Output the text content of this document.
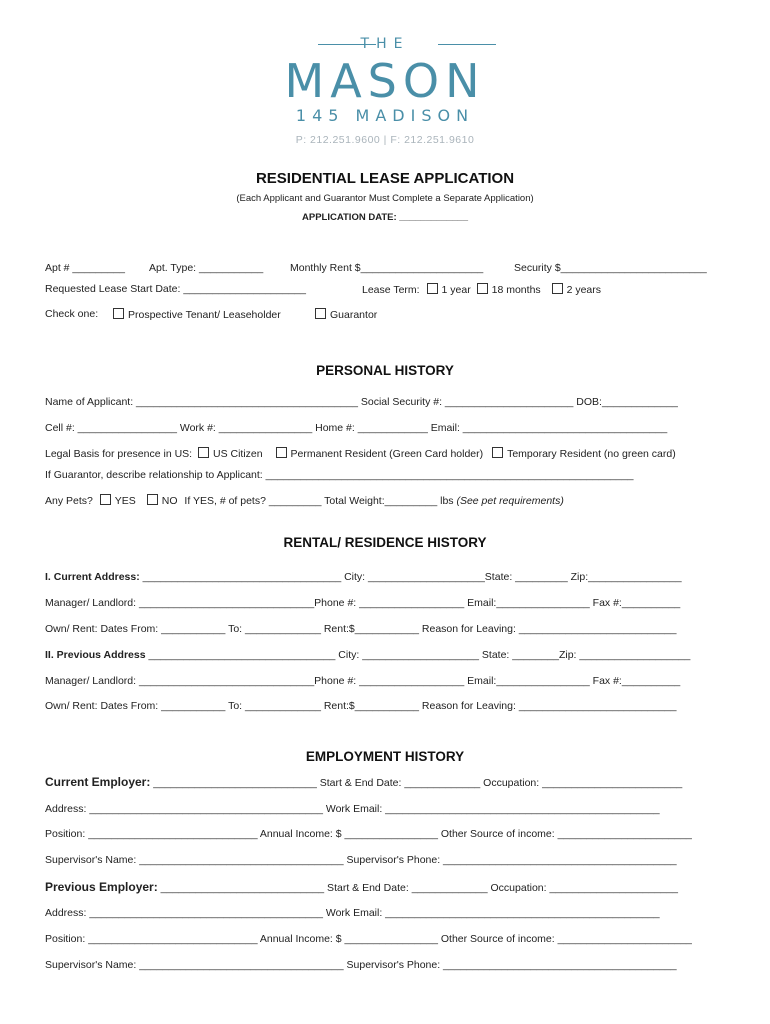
THE
MASON
145 MADISON
P: 212.251.9600 | F: 212.251.9610
RESIDENTIAL LEASE APPLICATION
(Each Applicant and Guarantor Must Complete a Separate Application)
APPLICATION DATE: _____________
Apt # _________ Apt. Type: ___________	Monthly Rent $_____________________	Security $_________________________
Requested Lease Start Date: _____________________	Lease Term: 1 year 18 months 2 years
Check one:	Prospective Tenant/ Leaseholder	Guarantor
PERSONAL HISTORY
Name of Applicant: ______________________________________ Social Security #: ______________________ DOB:_____________
Cell #: _________________ Work #: ________________ Home #: ____________ Email: ___________________________________
Legal Basis for presence in US: US Citizen	Permanent Resident (Green Card holder) Temporary Resident (no green card)
If Guarantor, describe relationship to Applicant: _______________________________________________________________
Any Pets? YES NO If YES, # of pets? _________ Total Weight:_________ lbs (See pet requirements)
RENTAL/ RESIDENCE HISTORY
I. Current Address: __________________________________ City: ____________________State: _________ Zip:________________
Manager/ Landlord: ______________________________Phone #: __________________ Email:________________ Fax #:__________
Own/ Rent: Dates From: ___________ To: _____________ Rent:$___________ Reason for Leaving: ___________________________
II. Previous Address ________________________________ City: ____________________ State: ________Zip: ___________________
Manager/ Landlord: ______________________________Phone #: __________________ Email:________________ Fax #:__________
Own/ Rent: Dates From: ___________ To: _____________ Rent:$___________ Reason for Leaving: ___________________________
EMPLOYMENT HISTORY
Current Employer: ____________________________ Start & End Date: _____________ Occupation: ________________________
Address: ________________________________________ Work Email: _______________________________________________
Position: _____________________________ Annual Income: $ ________________ Other Source of income: _______________________
Supervisor's Name: ___________________________________ Supervisor's Phone: ________________________________________
Previous Employer: ____________________________ Start & End Date: _____________ Occupation: ______________________
Address: ________________________________________ Work Email: _______________________________________________
Position: _____________________________ Annual Income: $ ________________ Other Source of income: _______________________
Supervisor's Name: ___________________________________ Supervisor's Phone: ________________________________________
